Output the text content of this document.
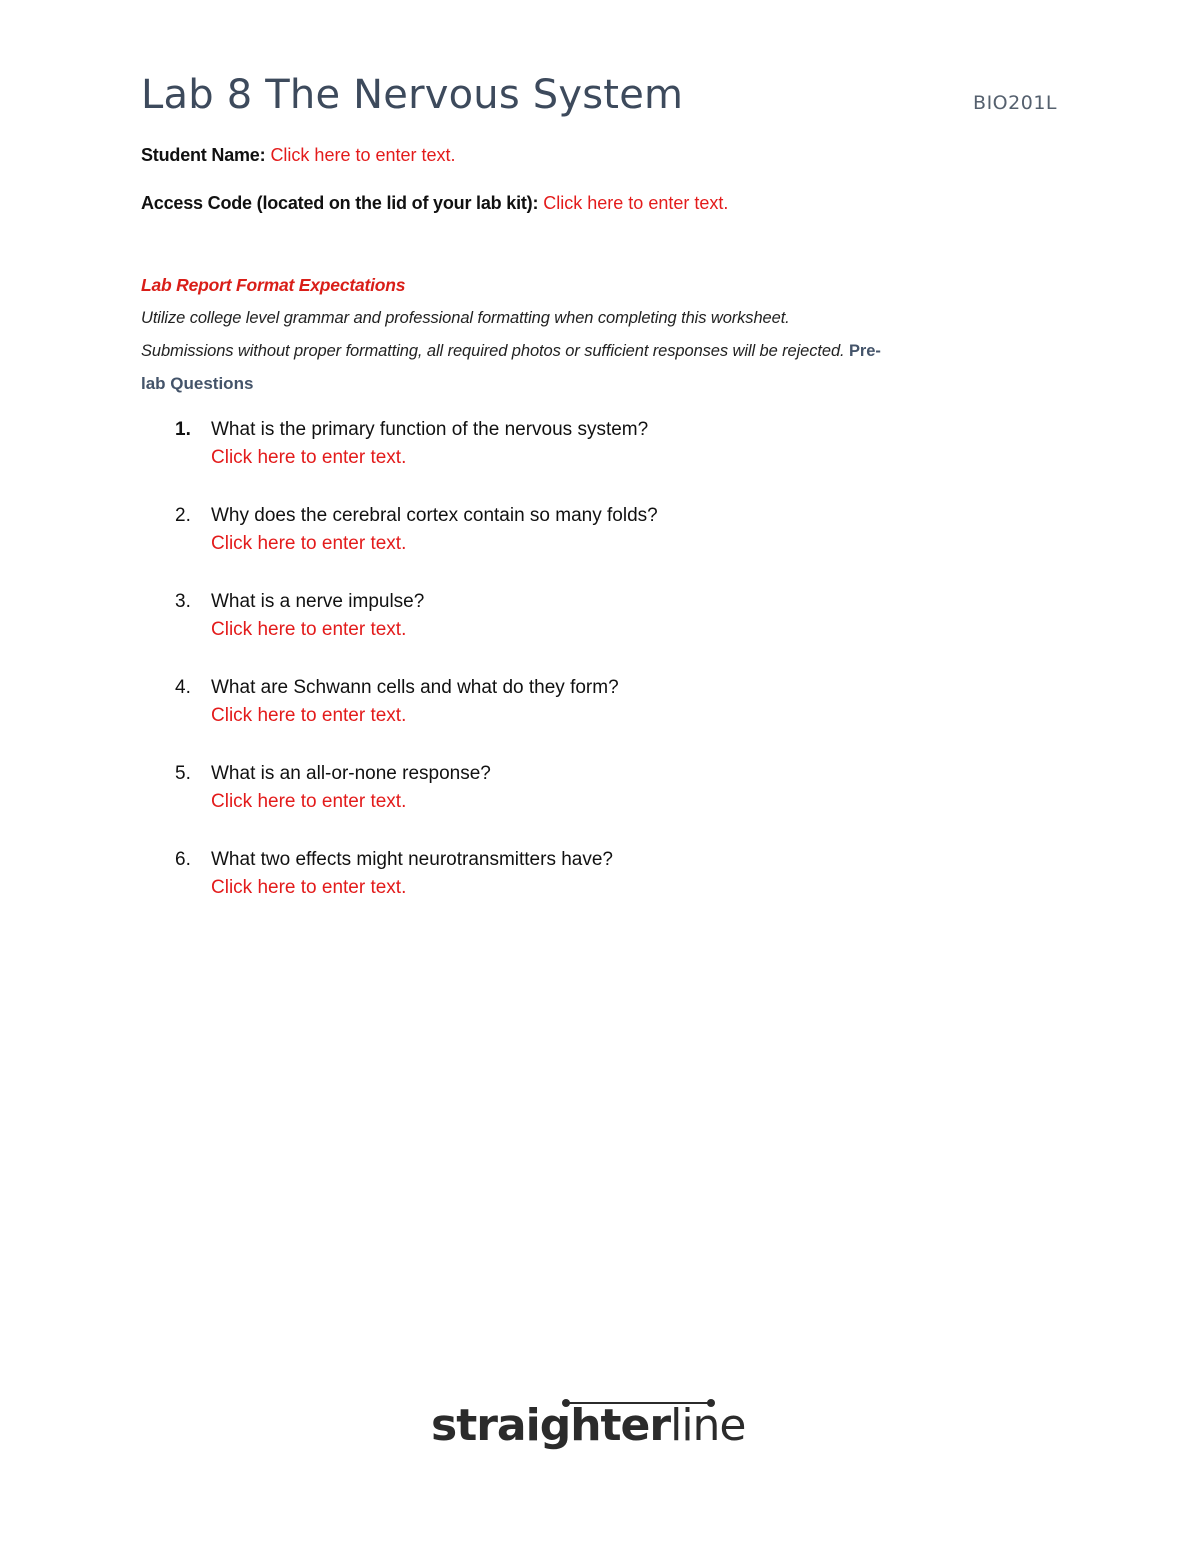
Lab 8 The Nervous System	BIO201L
Student Name: Click here to enter text.
Access Code (located on the lid of your lab kit): Click here to enter text.
Lab Report Format Expectations
Utilize college level grammar and professional formatting when completing this worksheet.
Submissions without proper formatting, all required photos or sufficient responses will be rejected. Pre-
lab Questions
1. What is the primary function of the nervous system?
Click here to enter text.
2. Why does the cerebral cortex contain so many folds?
Click here to enter text.
3. What is a nerve impulse?
Click here to enter text.
4. What are Schwann cells and what do they form?
Click here to enter text.
5. What is an all-or-none response?
Click here to enter text.
6. What two effects might neurotransmitters have?
Click here to enter text.
straighterline
